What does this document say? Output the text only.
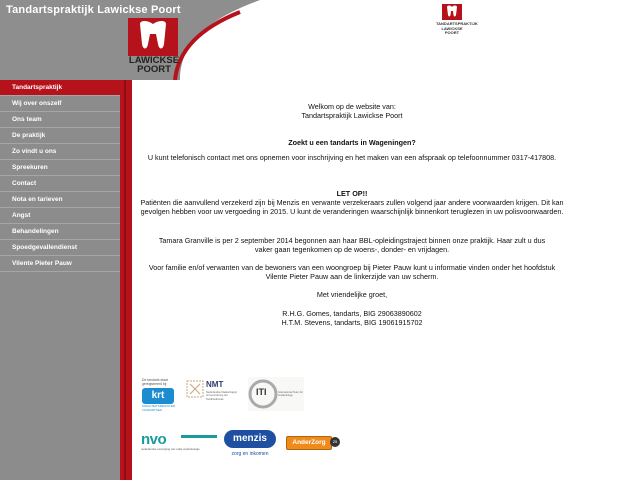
Tandartspraktijk Lawickse Poort
LAWICKSE
POORT
TANDARTSPRAKTIJK
LAWICKSE
POORT
Tandartspraktijk
Wij over onszelf
Ons team
De praktijk
Zo vindt u ons
Spreekuren
Contact
Nota en tarieven
Angst
Behandelingen
Spoedgevallendienst
Vilente Pieter Pauw
Welkom op de website van:
Tandartspraktijk Lawickse Poort

Zoekt u een tandarts in Wageningen?

U kunt telefonisch contact met ons opnemen voor inschrijving en het maken van een afspraak op telefoonnummer 0317-417808.

LET OP!!

Patiënten die aanvullend verzekerd zijn bij Menzis en verwante verzekeraars zullen volgend jaar andere voorwaarden krijgen. Dit kan gevolgen hebben voor uw vergoeding in 2015. U kunt de veranderingen waarschijnlijk binnenkort teruglezen in uw polisvoorwaarden.

Tamara Granville is per 2 september 2014 begonnen aan haar BBL-opleidingstraject binnen onze praktijk. Haar zult u dus vaker gaan tegenkomen op de woens-, donder- en vrijdagen.

Voor familie en/of verwanten van de bewoners van een woongroep bij Pieter Pauw kunt u informatie vinden onder het hoofdstuk Vilente Pieter Pauw aan de linkerzijde van uw scherm.

Met vriendelijke groet,

R.H.G. Gomes, tandarts, BIG 29063890602
H.T.M. Stevens, tandarts, BIG 19061915702
De tandarts staat geregistreerd bij
krt
KWALITEITSREGISTER TANDARTSEN
NMT
Nederlandse Maatschappij tot bevordering der Tandheelkunde
ITI	International Team for Implantology
nvo
nederlandse vereniging van orale implantologie
menzis
zorg en inkomen
AnderZorg	25
